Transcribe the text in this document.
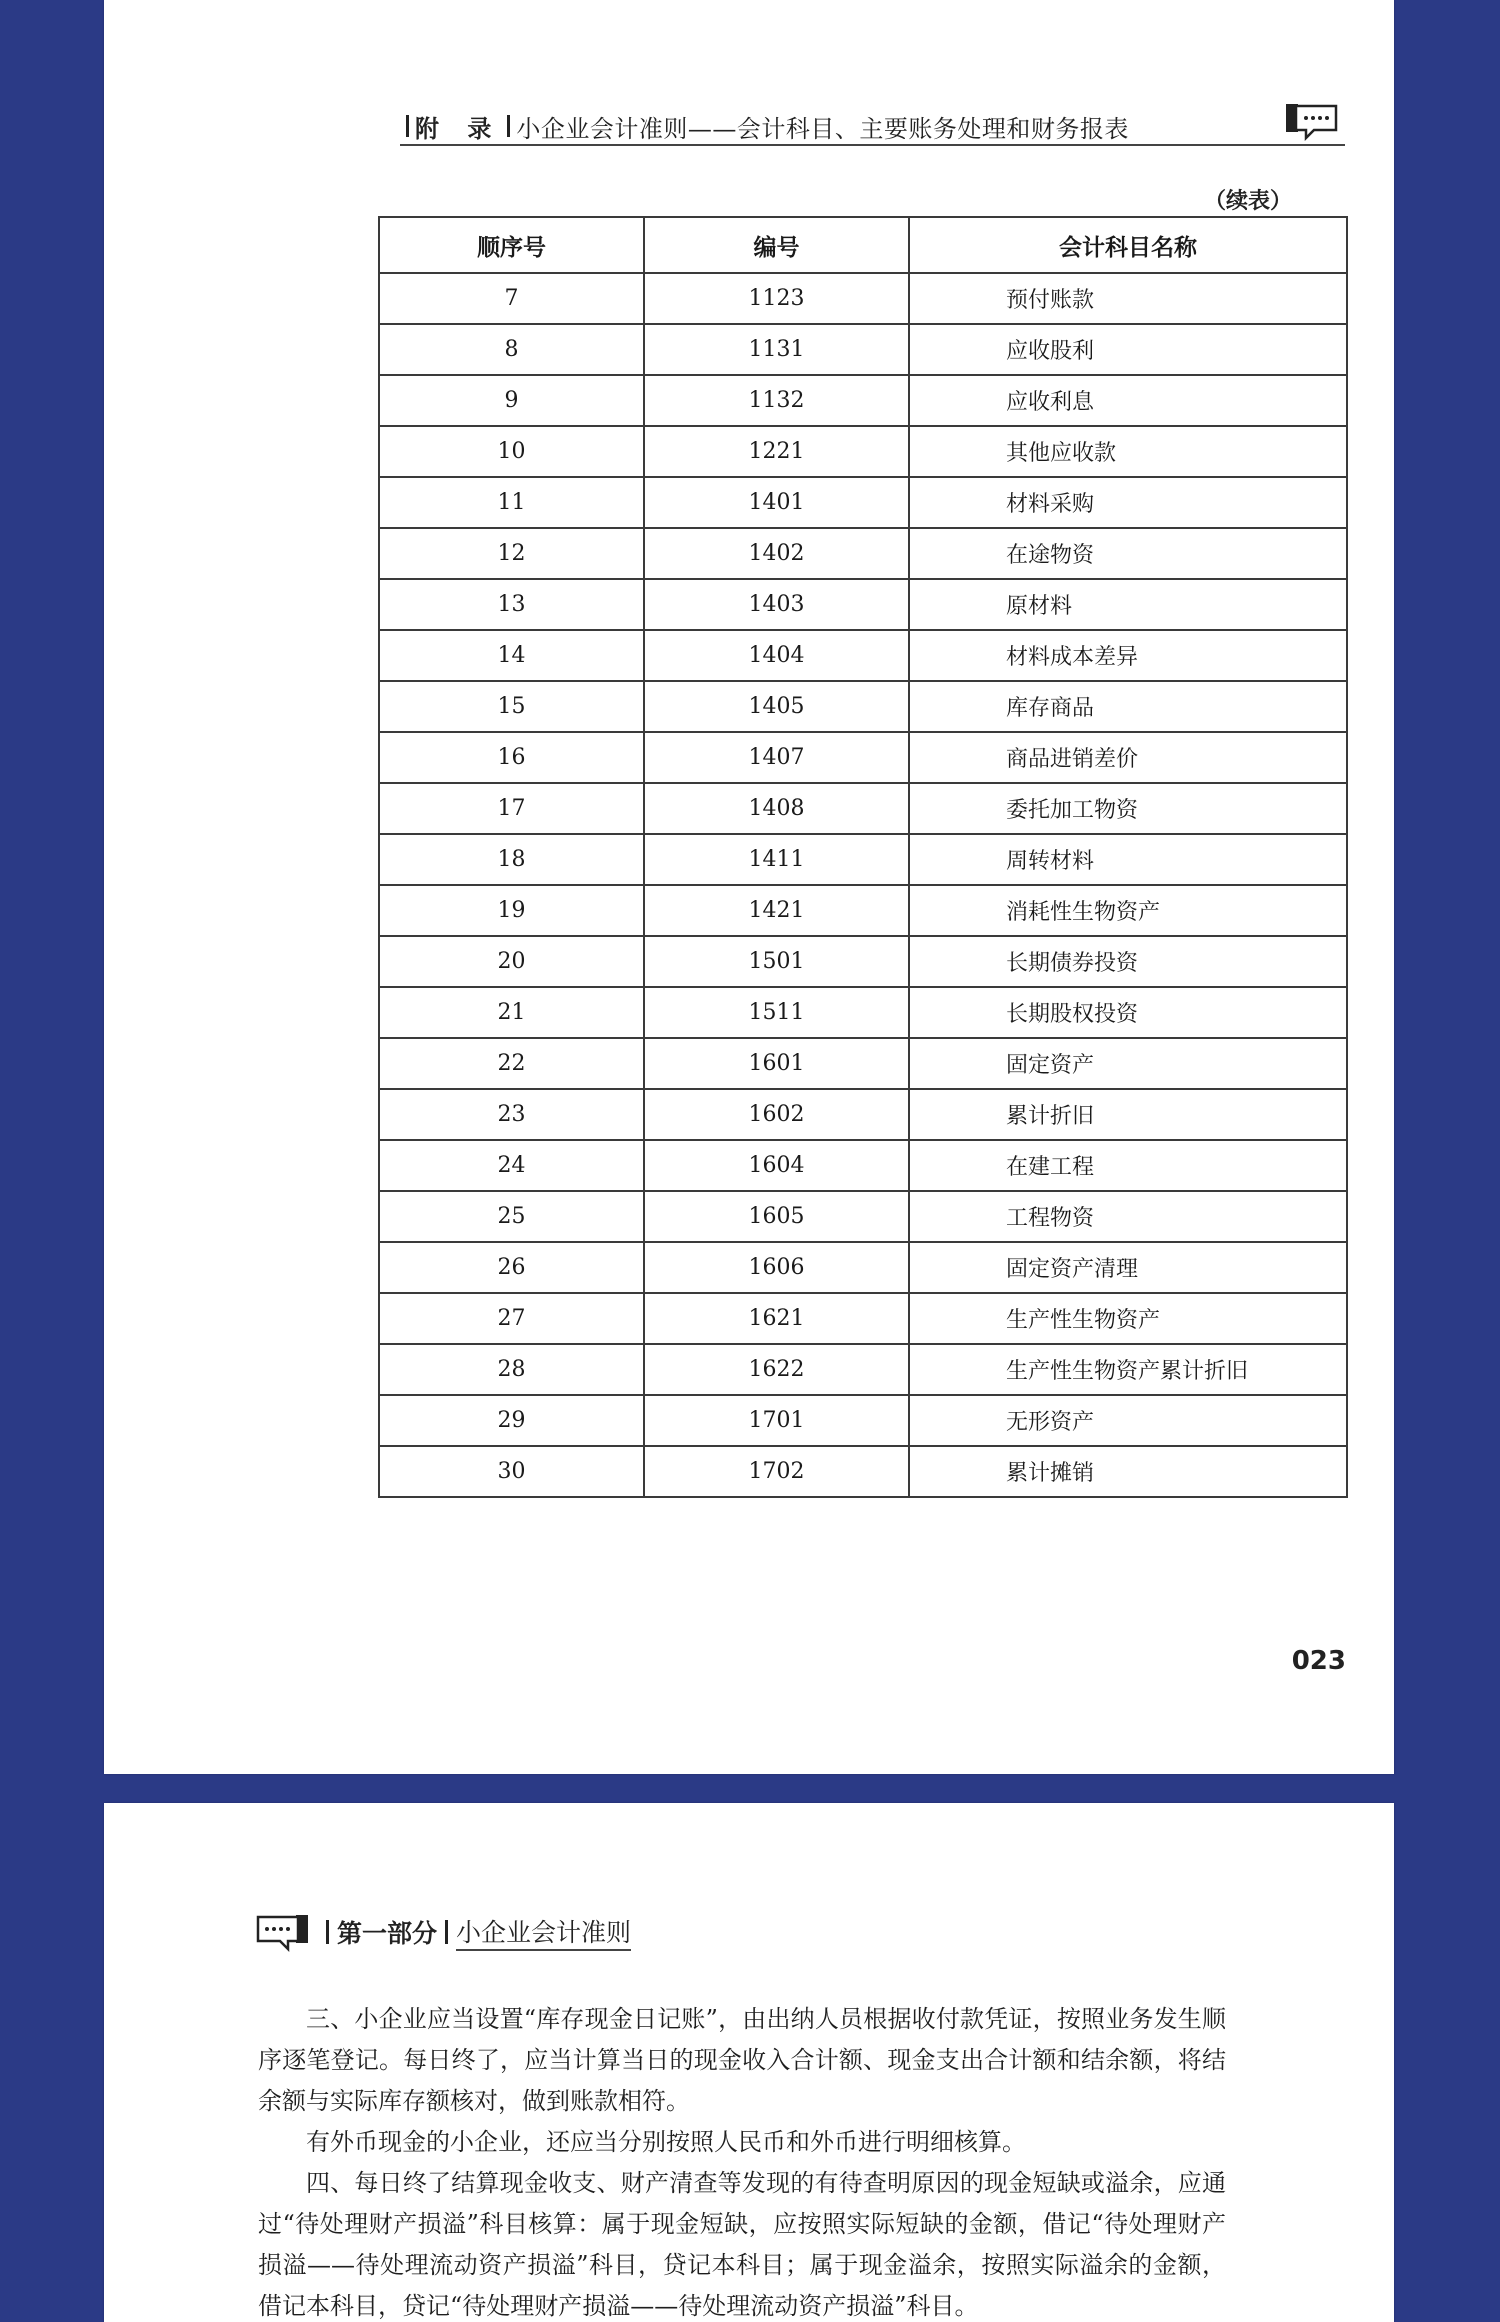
附 录 小企业会计准则——会计科目、主要账务处理和财务报表
（续表）
顺序号	编号	会计科目名称
7	1123	预付账款
8	1131	应收股利
9	1132	应收利息
10	1221	其他应收款
11	1401	材料采购
12	1402	在途物资
13	1403	原材料
14	1404	材料成本差异
15	1405	库存商品
16	1407	商品进销差价
17	1408	委托加工物资
18	1411	周转材料
19	1421	消耗性生物资产
20	1501	长期债券投资
21	1511	长期股权投资
22	1601	固定资产
23	1602	累计折旧
24	1604	在建工程
25	1605	工程物资
26	1606	固定资产清理
27	1621	生产性生物资产
28	1622	生产性生物资产累计折旧
29	1701	无形资产
30	1702	累计摊销
023
第一部分 小企业会计准则

三、小企业应当设置“库存现金日记账”，由出纳人员根据收付款凭证，按照业务发生顺序逐笔登记。每日终了，应当计算当日的现金收入合计额、现金支出合计额和结余额，将结余额与实际库存额核对，做到账款相符。

有外币现金的小企业，还应当分别按照人民币和外币进行明细核算。

四、每日终了结算现金收支、财产清查等发现的有待查明原因的现金短缺或溢余，应通过“待处理财产损溢”科目核算：属于现金短缺，应按照实际短缺的金额，借记“待处理财产损溢——待处理流动资产损溢”科目，贷记本科目；属于现金溢余，按照实际溢余的金额，借记本科目，贷记“待处理财产损溢——待处理流动资产损溢”科目。
